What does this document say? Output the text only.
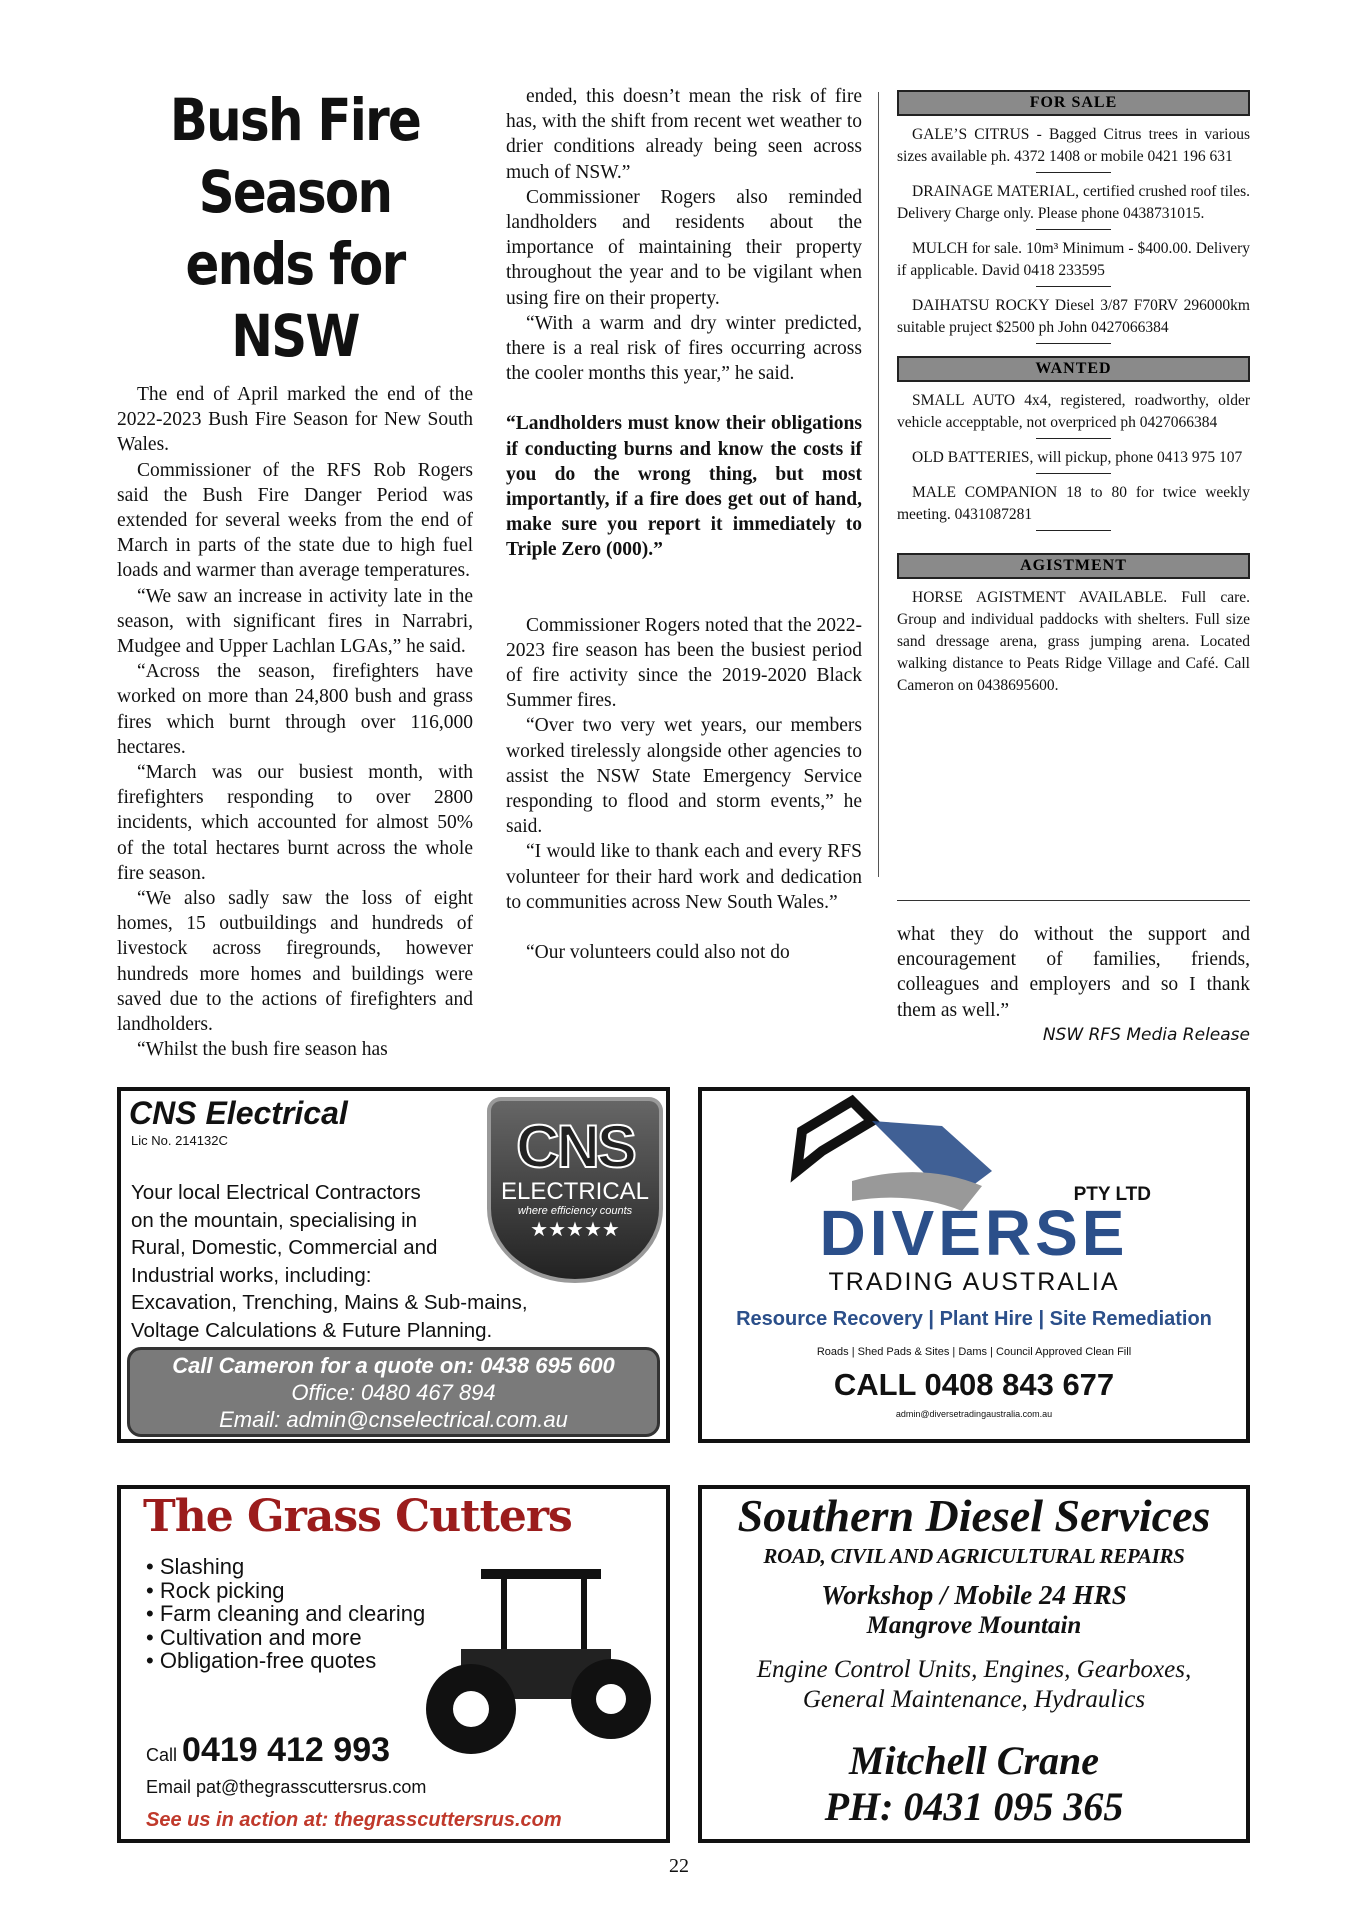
Bush Fire Season ends for NSW

The end of April marked the end of the 2022-2023 Bush Fire Season for New South Wales.

Commissioner of the RFS Rob Rogers said the Bush Fire Danger Period was extended for several weeks from the end of March in parts of the state due to high fuel loads and warmer than average temperatures.

“We saw an increase in activity late in the season, with significant fires in Narrabri, Mudgee and Upper Lachlan LGAs,” he said.

“Across the season, firefighters have worked on more than 24,800 bush and grass fires which burnt through over 116,000 hectares.

“March was our busiest month, with firefighters responding to over 2800 incidents, which accounted for almost 50% of the total hectares burnt across the whole fire season.

“We also sadly saw the loss of eight homes, 15 outbuildings and hundreds of livestock across firegrounds, however hundreds more homes and buildings were saved due to the actions of firefighters and landholders.

“Whilst the bush fire season has

ended, this doesn’t mean the risk of fire has, with the shift from recent wet weather to drier conditions already being seen across much of NSW.”

Commissioner Rogers also reminded landholders and residents about the importance of maintaining their property throughout the year and to be vigilant when using fire on their property.

“With a warm and dry winter predicted, there is a real risk of fires occurring across the cooler months this year,” he said.

“Landholders must know their obligations if conducting burns and know the costs if you do the wrong thing, but most importantly, if a fire does get out of hand, make sure you report it immediately to Triple Zero (000).”

Commissioner Rogers noted that the 2022-2023 fire season has been the busiest period of fire activity since the 2019-2020 Black Summer fires.

“Over two very wet years, our members worked tirelessly alongside other agencies to assist the NSW State Emergency Service responding to flood and storm events,” he said.

“I would like to thank each and every RFS volunteer for their hard work and dedication to communities across New South Wales.”

“Our volunteers could also not do

FOR SALE

GALE’S CITRUS - Bagged Citrus trees in various sizes available ph. 4372 1408 or mobile 0421 196 631

DRAINAGE MATERIAL, certified crushed roof tiles. Delivery Charge only. Please phone 0438731015.

MULCH for sale. 10m³ Minimum - $400.00. Delivery if applicable. David 0418 233595

DAIHATSU ROCKY Diesel 3/87 F70RV 296000km suitable pruject $2500 ph John 0427066384

WANTED

SMALL AUTO 4x4, registered, roadworthy, older vehicle accepptable, not overpriced ph 0427066384

OLD BATTERIES, will pickup, phone 0413 975 107

MALE COMPANION 18 to 80 for twice weekly meeting. 0431087281

AGISTMENT

HORSE AGISTMENT AVAILABLE. Full care. Group and individual paddocks with shelters. Full size sand dressage arena, grass jumping arena. Located walking distance to Peats Ridge Village and Café. Call Cameron on 0438695600.

what they do without the support and encouragement of families, friends, colleagues and employers and so I thank them as well.”
NSW RFS Media Release
CNS Electrical
Lic No. 214132C	CNS
ELECTRICAL
where efficiency counts
★★★★★
Your local Electrical Contractors
on the mountain, specialising in
Rural, Domestic, Commercial and
Industrial works, including:
Excavation, Trenching, Mains & Sub-mains,
Voltage Calculations & Future Planning.
Call Cameron for a quote on: 0438 695 600
Office: 0480 467 894
Email: admin@cnselectrical.com.au
PTY LTD
DIVERSE
TRADING AUSTRALIA
Resource Recovery | Plant Hire | Site Remediation
Roads | Shed Pads & Sites | Dams | Council Approved Clean Fill
CALL 0408 843 677
admin@diversetradingaustralia.com.au
The Grass Cutters
• Slashing
• Rock picking
• Farm cleaning and clearing
• Cultivation and more
• Obligation-free quotes
Call 0419 412 993
Email pat@thegrasscuttersrus.com
See us in action at: thegrasscuttersrus.com
Southern Diesel Services
ROAD, CIVIL AND AGRICULTURAL REPAIRS
Workshop / Mobile 24 HRS
Mangrove Mountain
Engine Control Units, Engines, Gearboxes,
General Maintenance, Hydraulics
Mitchell Crane
PH: 0431 095 365
22
